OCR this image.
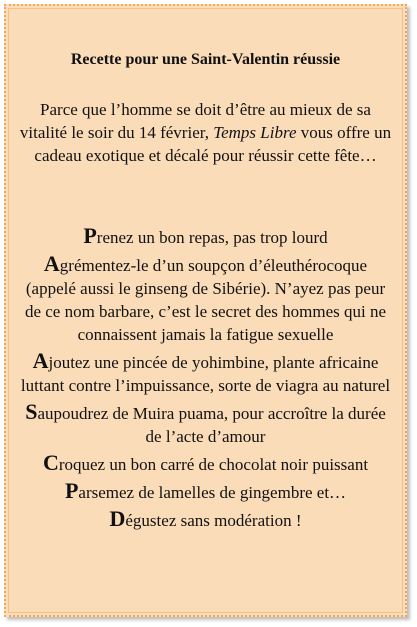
Recette pour une Saint-Valentin réussie
Parce que l’homme se doit d’être au mieux de sa vitalité le soir du 14 février, Temps Libre vous offre un cadeau exotique et décalé pour réussir cette fête…
Prenez un bon repas, pas trop lourd
Agrémentez-le d’un soupçon d’éleuthérocoque (appelé aussi le ginseng de Sibérie). N’ayez pas peur de ce nom barbare, c’est le secret des hommes qui ne connaissent jamais la fatigue sexuelle
Ajoutez une pincée de yohimbine, plante africaine luttant contre l’impuissance, sorte de viagra au naturel
Saupoudrez de Muira puama, pour accroître la durée de l’acte d’amour
Croquez un bon carré de chocolat noir puissant
Parsemez de lamelles de gingembre et…
Dégustez sans modération !
